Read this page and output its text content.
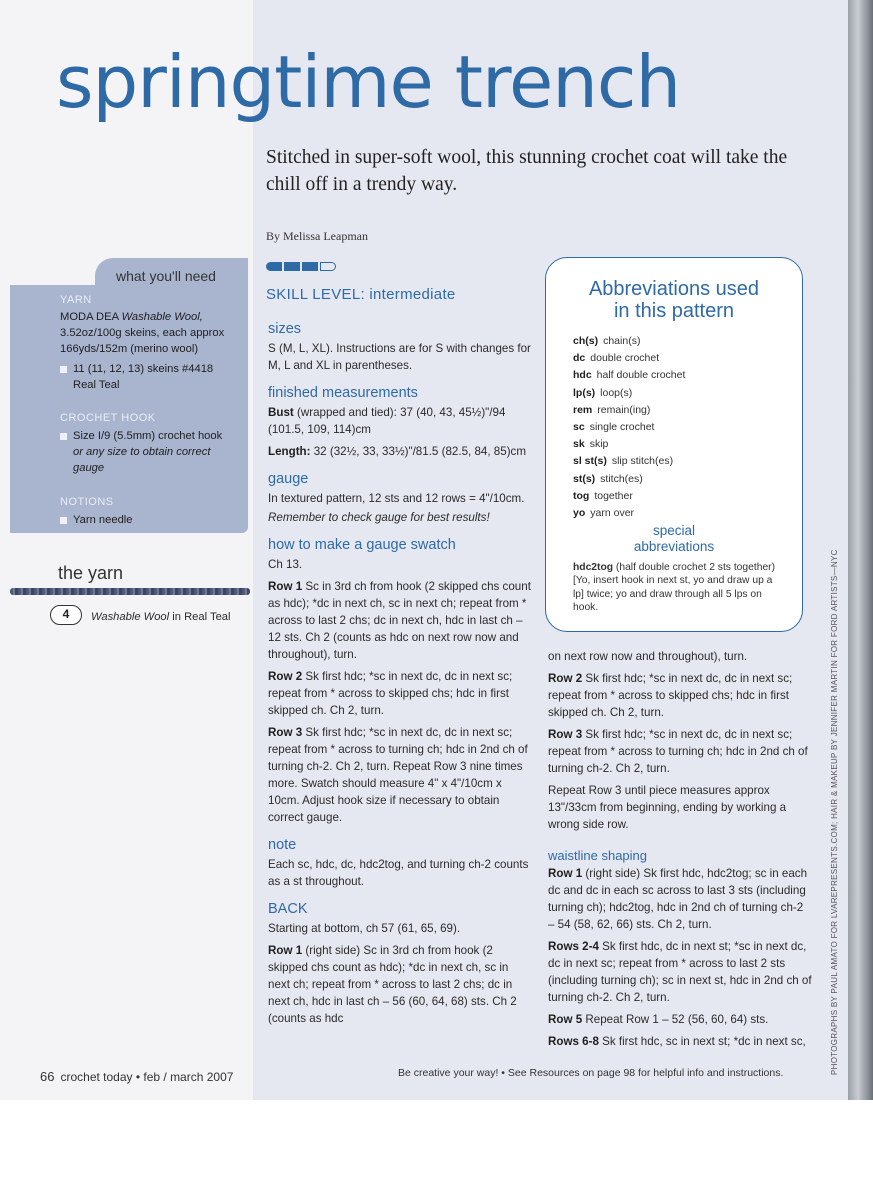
springtime trench

Stitched in super-soft wool, this stunning crochet coat will take the chill off in a trendy way.

By Melissa Leapman
SKILL LEVEL: intermediate
sizes

S (M, L, XL). Instructions are for S with changes for M, L and XL in parentheses.

finished measurements

Bust (wrapped and tied): 37 (40, 43, 45½)"/94 (101.5, 109, 114)cm

Length: 32 (32½, 33, 33½)"/81.5 (82.5, 84, 85)cm

gauge

In textured pattern, 12 sts and 12 rows = 4"/10cm.

Remember to check gauge for best results!

how to make a gauge swatch

Ch 13.

Row 1 Sc in 3rd ch from hook (2 skipped chs count as hdc); *dc in next ch, sc in next ch; repeat from * across to last 2 chs; dc in next ch, hdc in last ch – 12 sts. Ch 2 (counts as hdc on next row now and throughout), turn.

Row 2 Sk first hdc; *sc in next dc, dc in next sc; repeat from * across to skipped chs; hdc in first skipped ch. Ch 2, turn.

Row 3 Sk first hdc; *sc in next dc, dc in next sc; repeat from * across to turning ch; hdc in 2nd ch of turning ch-2. Ch 2, turn. Repeat Row 3 nine times more. Swatch should measure 4" x 4"/10cm x 10cm. Adjust hook size if necessary to obtain correct gauge.

note

Each sc, hdc, dc, hdc2tog, and turning ch-2 counts as a st throughout.

BACK

Starting at bottom, ch 57 (61, 65, 69).

Row 1 (right side) Sc in 3rd ch from hook (2 skipped chs count as hdc); *dc in next ch, sc in next ch; repeat from * across to last 2 chs; dc in next ch, hdc in last ch – 56 (60, 64, 68) sts. Ch 2 (counts as hdc

Abbreviations used
in this pattern
ch(s) chain(s)
dc double crochet
hdc half double crochet
lp(s) loop(s)
rem remain(ing)
sc single crochet
sk skip
sl st(s) slip stitch(es)
st(s) stitch(es)
tog together
yo yarn over
special
abbreviations
hdc2tog (half double crochet 2 sts together) [Yo, insert hook in next st, yo and draw up a lp] twice; yo and draw through all 5 lps on hook.

on next row now and throughout), turn.

Row 2 Sk first hdc; *sc in next dc, dc in next sc; repeat from * across to skipped chs; hdc in first skipped ch. Ch 2, turn.

Row 3 Sk first hdc; *sc in next dc, dc in next sc; repeat from * across to turning ch; hdc in 2nd ch of turning ch-2. Ch 2, turn.

Repeat Row 3 until piece measures approx 13"/33cm from beginning, ending by working a wrong side row.

waistline shaping

Row 1 (right side) Sk first hdc, hdc2tog; sc in each dc and dc in each sc across to last 3 sts (including turning ch); hdc2tog, hdc in 2nd ch of turning ch-2 – 54 (58, 62, 66) sts. Ch 2, turn.

Rows 2-4 Sk first hdc, dc in next st; *sc in next dc, dc in next sc; repeat from * across to last 2 sts (including turning ch); sc in next st, hdc in 2nd ch of turning ch-2. Ch 2, turn.

Row 5 Repeat Row 1 – 52 (56, 60, 64) sts.

Rows 6-8 Sk first hdc, sc in next st; *dc in next sc,

what you'll need
YARN
MODA DEA Washable Wool,
3.52oz/100g skeins, each approx
166yds/152m (merino wool)
11 (11, 12, 13) skeins #4418
Real Teal
CROCHET HOOK
Size I/9 (5.5mm) crochet hook
or any size to obtain correct
gauge
NOTIONS
Yarn needle
the yarn
4	Washable Wool in Real Teal	PHOTOGRAPHS BY PAUL AMATO FOR LVAREPRESENTS.COM; HAIR & MAKEUP BY JENNIFER MARTIN FOR FORD ARTISTS—NYC
66 crochet today • feb / march 2007	Be creative your way! • See Resources on page 98 for helpful info and instructions.
